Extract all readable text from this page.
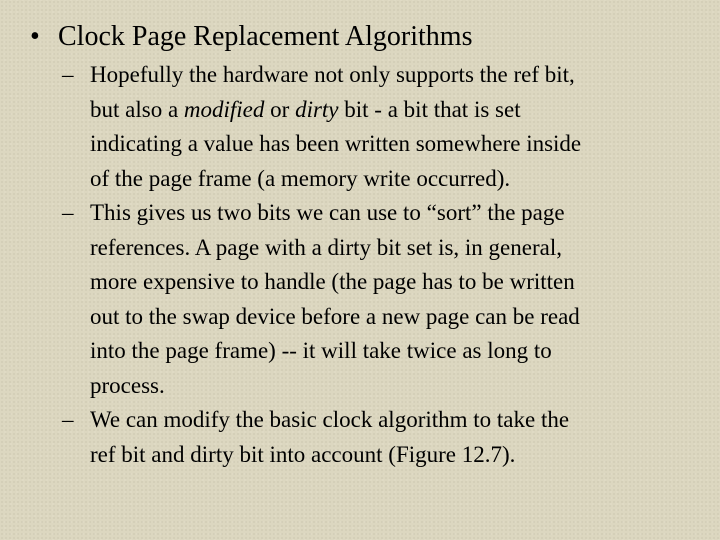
• Clock Page Replacement Algorithms
– Hopefully the hardware not only supports the ref bit,
but also a modified or dirty bit - a bit that is set
indicating a value has been written somewhere inside
of the page frame (a memory write occurred).
– This gives us two bits we can use to “sort” the page
references. A page with a dirty bit set is, in general,
more expensive to handle (the page has to be written
out to the swap device before a new page can be read
into the page frame) -- it will take twice as long to
process.
– We can modify the basic clock algorithm to take the
ref bit and dirty bit into account (Figure 12.7).
